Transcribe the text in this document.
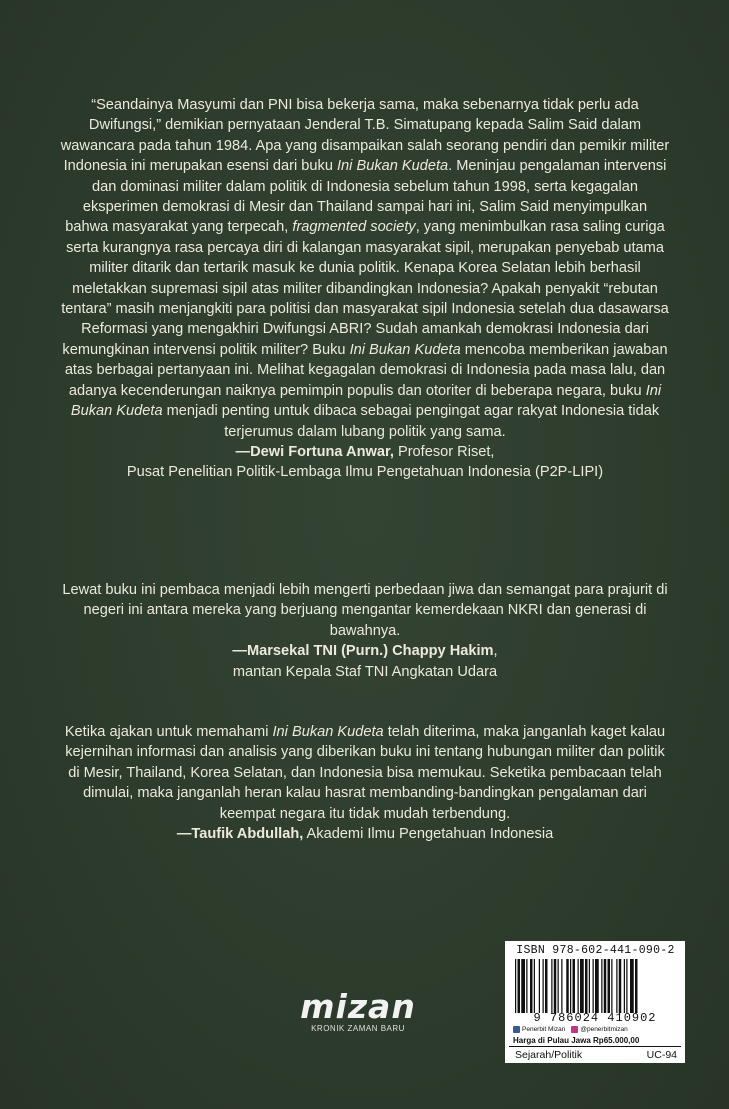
“Seandainya Masyumi dan PNI bisa bekerja sama, maka sebenarnya tidak perlu ada Dwifungsi,” demikian pernyataan Jenderal T.B. Simatupang kepada Salim Said dalam wawancara pada tahun 1984. Apa yang disampaikan salah seorang pendiri dan pemikir militer Indonesia ini merupakan esensi dari buku Ini Bukan Kudeta. Meninjau pengalaman intervensi dan dominasi militer dalam politik di Indonesia sebelum tahun 1998, serta kegagalan eksperimen demokrasi di Mesir dan Thailand sampai hari ini, Salim Said menyimpulkan bahwa masyarakat yang terpecah, fragmented society, yang menimbulkan rasa saling curiga serta kurangnya rasa percaya diri di kalangan masyarakat sipil, merupakan penyebab utama militer ditarik dan tertarik masuk ke dunia politik. Kenapa Korea Selatan lebih berhasil meletakkan supremasi sipil atas militer dibandingkan Indonesia? Apakah penyakit “rebutan tentara” masih menjangkiti para politisi dan masyarakat sipil Indonesia setelah dua dasawarsa Reformasi yang mengakhiri Dwifungsi ABRI? Sudah amankah demokrasi Indonesia dari kemungkinan intervensi politik militer? Buku Ini Bukan Kudeta mencoba memberikan jawaban atas berbagai pertanyaan ini. Melihat kegagalan demokrasi di Indonesia pada masa lalu, dan adanya kecenderungan naiknya pemimpin populis dan otoriter di beberapa negara, buku Ini Bukan Kudeta menjadi penting untuk dibaca sebagai pengingat agar rakyat Indonesia tidak terjerumus dalam lubang politik yang sama.

—Dewi Fortuna Anwar, Profesor Riset,
Pusat Penelitian Politik-Lembaga Ilmu Pengetahuan Indonesia (P2P-LIPI)

Lewat buku ini pembaca menjadi lebih mengerti perbedaan jiwa dan semangat para prajurit di negeri ini antara mereka yang berjuang mengantar kemerdekaan NKRI dan generasi di bawahnya.

—Marsekal TNI (Purn.) Chappy Hakim,
mantan Kepala Staf TNI Angkatan Udara

Ketika ajakan untuk memahami Ini Bukan Kudeta telah diterima, maka janganlah kaget kalau kejernihan informasi dan analisis yang diberikan buku ini tentang hubungan militer dan politik di Mesir, Thailand, Korea Selatan, dan Indonesia bisa memukau. Seketika pembacaan telah dimulai, maka janganlah heran kalau hasrat membanding-bandingkan pengalaman dari keempat negara itu tidak mudah terbendung.

—Taufik Abdullah, Akademi Ilmu Pengetahuan Indonesia
mizan
KRONIK ZAMAN BARU
ISBN 978-602-441-090-2
9 786024 410902
Penerbit Mizan	@penerbitmizan
Harga di Pulau Jawa Rp65.000,00
Sejarah/Politik	UC-94
